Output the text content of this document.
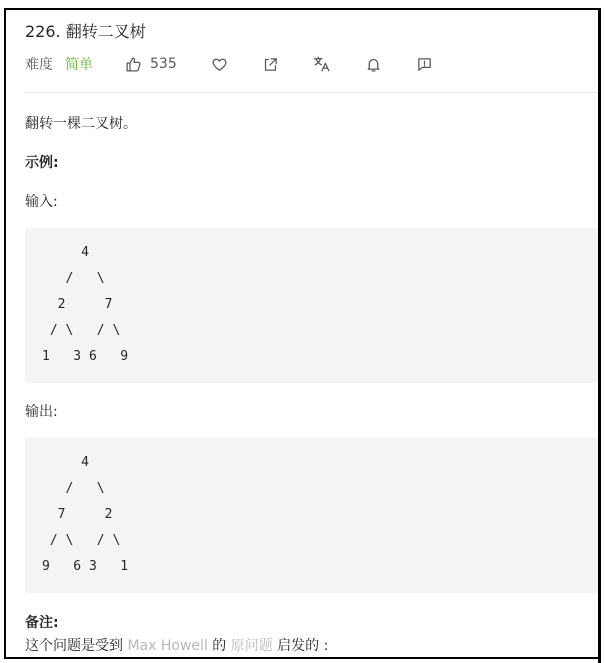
226. 翻转二叉树
难度 简单	535
翻转一棵二叉树。
示例:
输入:
4
/   \
2     7
/ \   / \
1   3 6   9
输出:
4
/   \
7     2
/ \   / \
9   6 3   1
备注:
这个问题是受到 Max Howell 的 原问题 启发的 :
